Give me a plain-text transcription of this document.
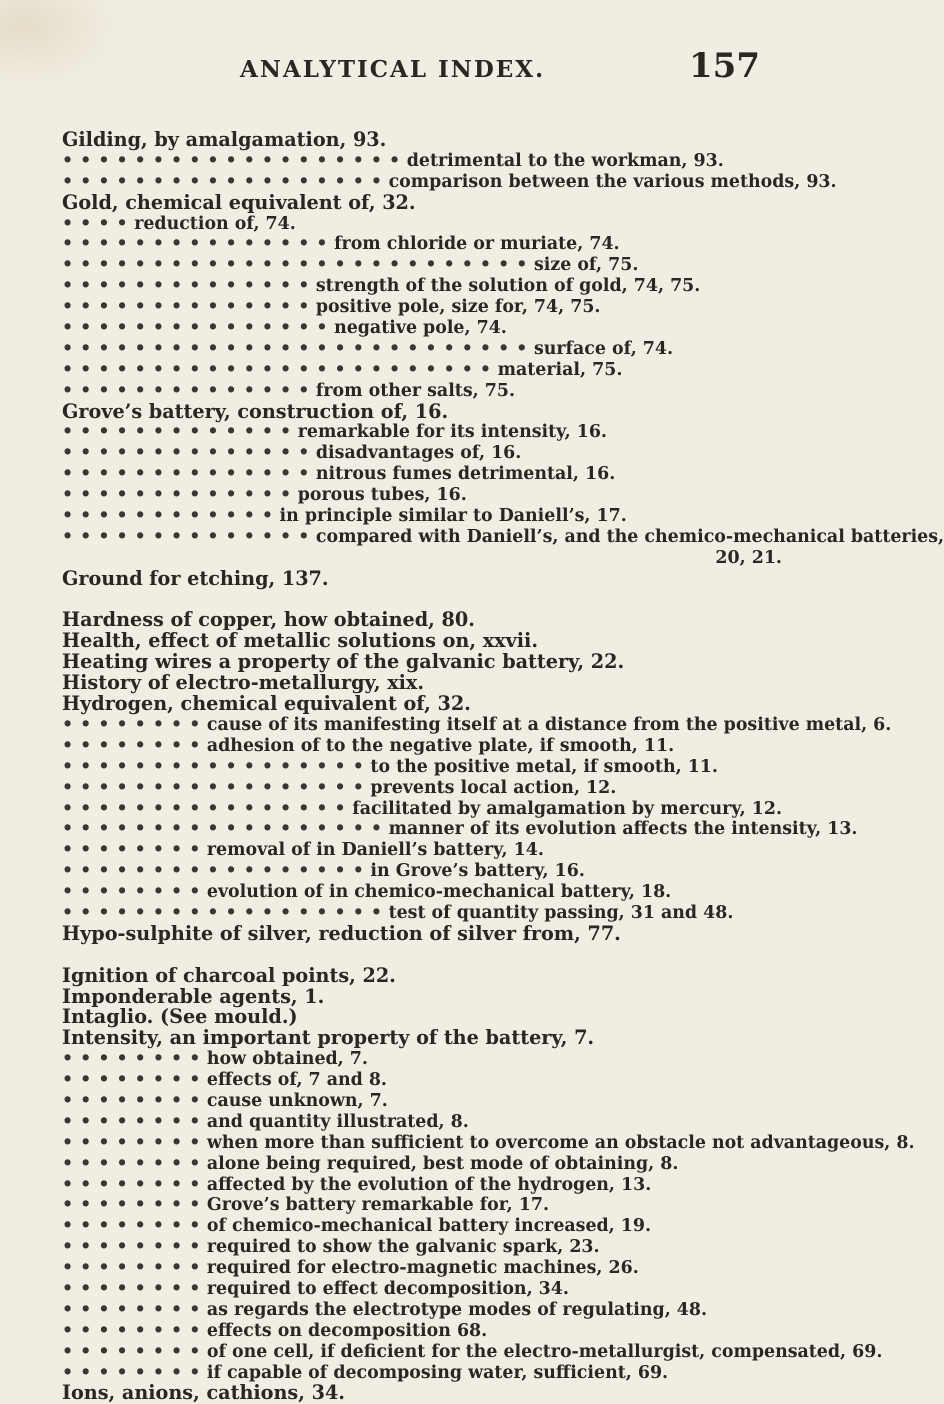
ANALYTICAL INDEX.	157
Gilding, by amalgamation, 93.
• • • • • • • • • • • • • • • • • • • detrimental to the workman, 93.
• • • • • • • • • • • • • • • • • • comparison between the various methods, 93.
Gold, chemical equivalent of, 32.
• • • • reduction of, 74.
• • • • • • • • • • • • • • • from chloride or muriate, 74.
• • • • • • • • • • • • • • • • • • • • • • • • • • size of, 75.
• • • • • • • • • • • • • • strength of the solution of gold, 74, 75.
• • • • • • • • • • • • • • positive pole, size for, 74, 75.
• • • • • • • • • • • • • • • negative pole, 74.
• • • • • • • • • • • • • • • • • • • • • • • • • • surface of, 74.
• • • • • • • • • • • • • • • • • • • • • • • • material, 75.
• • • • • • • • • • • • • • from other salts, 75.
Grove’s battery, construction of, 16.
• • • • • • • • • • • • • remarkable for its intensity, 16.
• • • • • • • • • • • • • • disadvantages of, 16.
• • • • • • • • • • • • • • nitrous fumes detrimental, 16.
• • • • • • • • • • • • • porous tubes, 16.
• • • • • • • • • • • • in principle similar to Daniell’s, 17.
• • • • • • • • • • • • • • compared with Daniell’s, and the chemico-mechanical batteries,
20, 21.
Ground for etching, 137.
Hardness of copper, how obtained, 80.
Health, effect of metallic solutions on, xxvii.
Heating wires a property of the galvanic battery, 22.
History of electro-metallurgy, xix.
Hydrogen, chemical equivalent of, 32.
• • • • • • • • cause of its manifesting itself at a distance from the positive metal, 6.
• • • • • • • • adhesion of to the negative plate, if smooth, 11.
• • • • • • • • • • • • • • • • • to the positive metal, if smooth, 11.
• • • • • • • • • • • • • • • • • prevents local action, 12.
• • • • • • • • • • • • • • • • facilitated by amalgamation by mercury, 12.
• • • • • • • • • • • • • • • • • • manner of its evolution affects the intensity, 13.
• • • • • • • • removal of in Daniell’s battery, 14.
• • • • • • • • • • • • • • • • • in Grove’s battery, 16.
• • • • • • • • evolution of in chemico-mechanical battery, 18.
• • • • • • • • • • • • • • • • • • test of quantity passing, 31 and 48.
Hypo-sulphite of silver, reduction of silver from, 77.
Ignition of charcoal points, 22.
Imponderable agents, 1.
Intaglio. (See mould.)
Intensity, an important property of the battery, 7.
• • • • • • • • how obtained, 7.
• • • • • • • • effects of, 7 and 8.
• • • • • • • • cause unknown, 7.
• • • • • • • • and quantity illustrated, 8.
• • • • • • • • when more than sufficient to overcome an obstacle not advantageous, 8.
• • • • • • • • alone being required, best mode of obtaining, 8.
• • • • • • • • affected by the evolution of the hydrogen, 13.
• • • • • • • • Grove’s battery remarkable for, 17.
• • • • • • • • of chemico-mechanical battery increased, 19.
• • • • • • • • required to show the galvanic spark, 23.
• • • • • • • • required for electro-magnetic machines, 26.
• • • • • • • • required to effect decomposition, 34.
• • • • • • • • as regards the electrotype modes of regulating, 48.
• • • • • • • • effects on decomposition 68.
• • • • • • • • of one cell, if deficient for the electro-metallurgist, compensated, 69.
• • • • • • • • if capable of decomposing water, sufficient, 69.
Ions, anions, cathions, 34.
